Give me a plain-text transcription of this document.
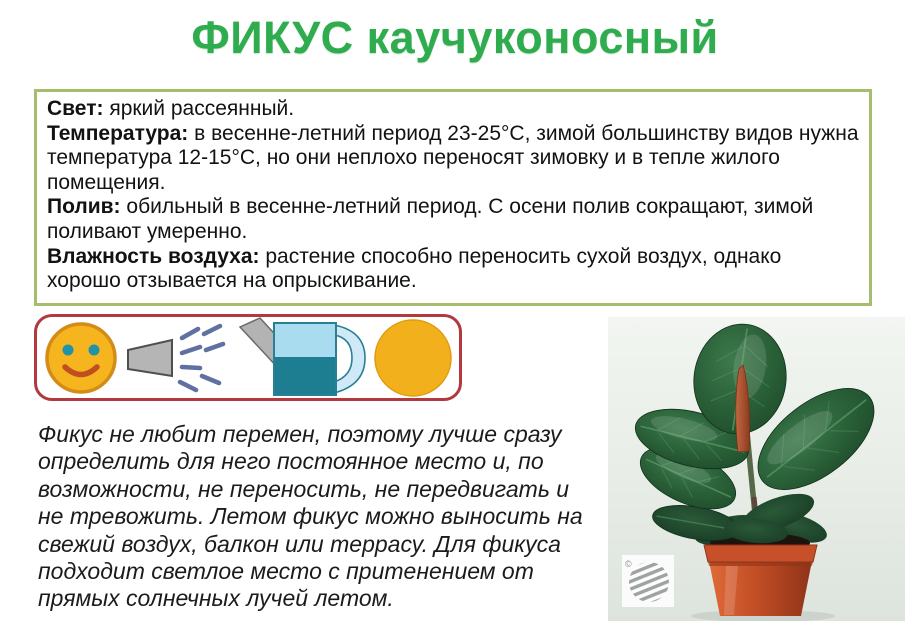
ФИКУС каучуконосный
Свет: яркий рассеянный.
Температура: в весенне-летний период 23-25°С, зимой большинству видов нужна температура 12-15°С, но они неплохо переносят зимовку и в тепле жилого помещения.
Полив: обильный в весенне-летний период. С осени полив сокращают, зимой поливают умеренно.
Влажность воздуха: растение способно переносить сухой воздух, однако хорошо отзывается на опрыскивание.

Фикус не любит перемен, поэтому лучше сразу определить для него постоянное место и, по возможности, не переносить, не передвигать и не тревожить. Летом фикус можно выносить на свежий воздух, балкон или террасу. Для фикуса подходит светлое место с притенением от прямых солнечных лучей летом.

©
